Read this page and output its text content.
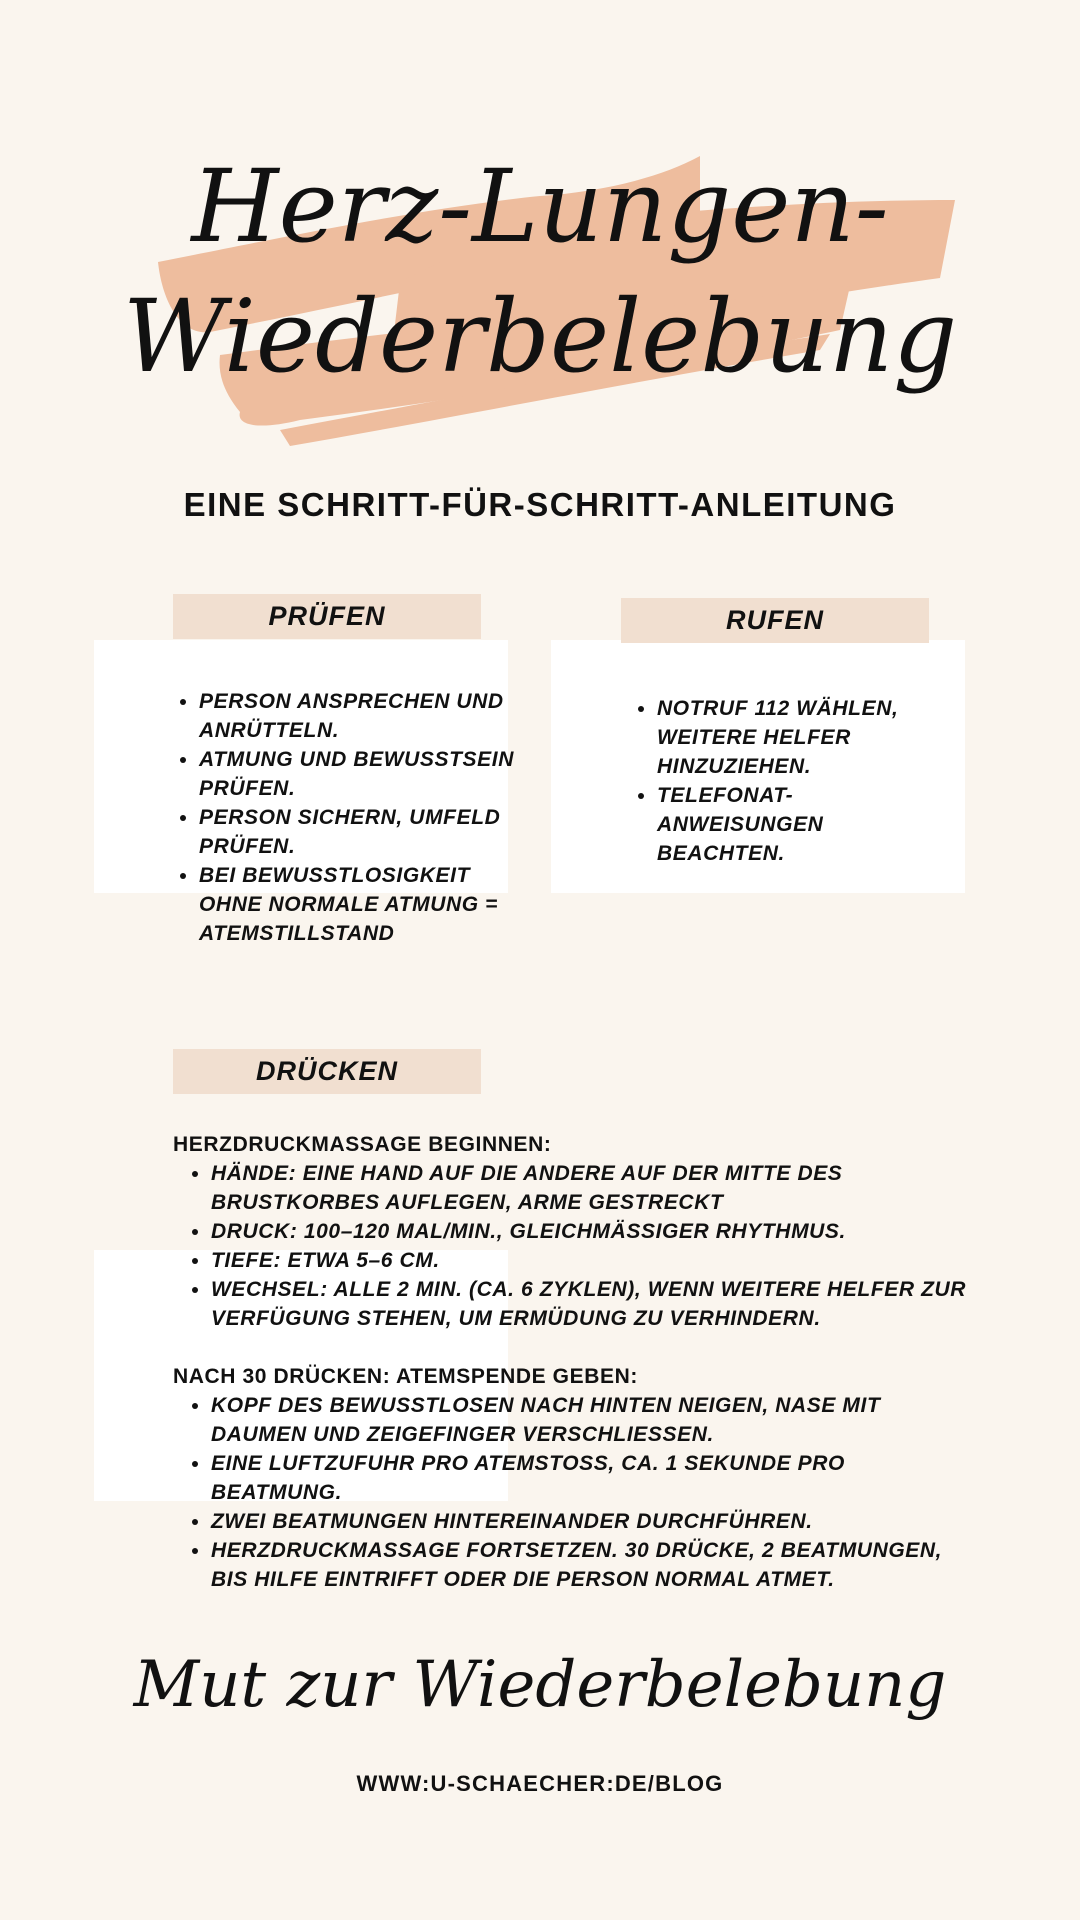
Herz-Lungen-
Wiederbelebung
EINE SCHRITT-FÜR-SCHRITT-ANLEITUNG
PRÜFEN
• PERSON ANSPRECHEN UND ANRÜTTELN.
• ATMUNG UND BEWUSSTSEIN PRÜFEN.
• PERSON SICHERN, UMFELD PRÜFEN.
• BEI BEWUSSTLOSIGKEIT OHNE NORMALE ATMUNG = ATEMSTILLSTAND
RUFEN
• NOTRUF 112 WÄHLEN, WEITERE HELFER HINZUZIEHEN.
• TELEFONAT-ANWEISUNGEN BEACHTEN.
DRÜCKEN
HERZDRUCKMASSAGE BEGINNEN:
• HÄNDE: EINE HAND AUF DIE ANDERE AUF DER MITTE DES BRUSTKORBES AUFLEGEN, ARME GESTRECKT
• DRUCK: 100–120 MAL/MIN., GLEICHMÄSSIGER RHYTHMUS.
• TIEFE: ETWA 5–6 CM.
• WECHSEL: ALLE 2 MIN. (CA. 6 ZYKLEN), WENN WEITERE HELFER ZUR VERFÜGUNG STEHEN, UM ERMÜDUNG ZU VERHINDERN.
NACH 30 DRÜCKEN: ATEMSPENDE GEBEN:
• KOPF DES BEWUSSTLOSEN NACH HINTEN NEIGEN, NASE MIT DAUMEN UND ZEIGEFINGER VERSCHLIESSEN.
• EINE LUFTZUFUHR PRO ATEMSTOSS, CA. 1 SEKUNDE PRO BEATMUNG.
• ZWEI BEATMUNGEN HINTEREINANDER DURCHFÜHREN.
• HERZDRUCKMASSAGE FORTSETZEN. 30 DRÜCKE, 2 BEATMUNGEN, BIS HILFE EINTRIFFT ODER DIE PERSON NORMAL ATMET.
Mut zur Wiederbelebung
WWW:U-SCHAECHER:DE/BLOG
